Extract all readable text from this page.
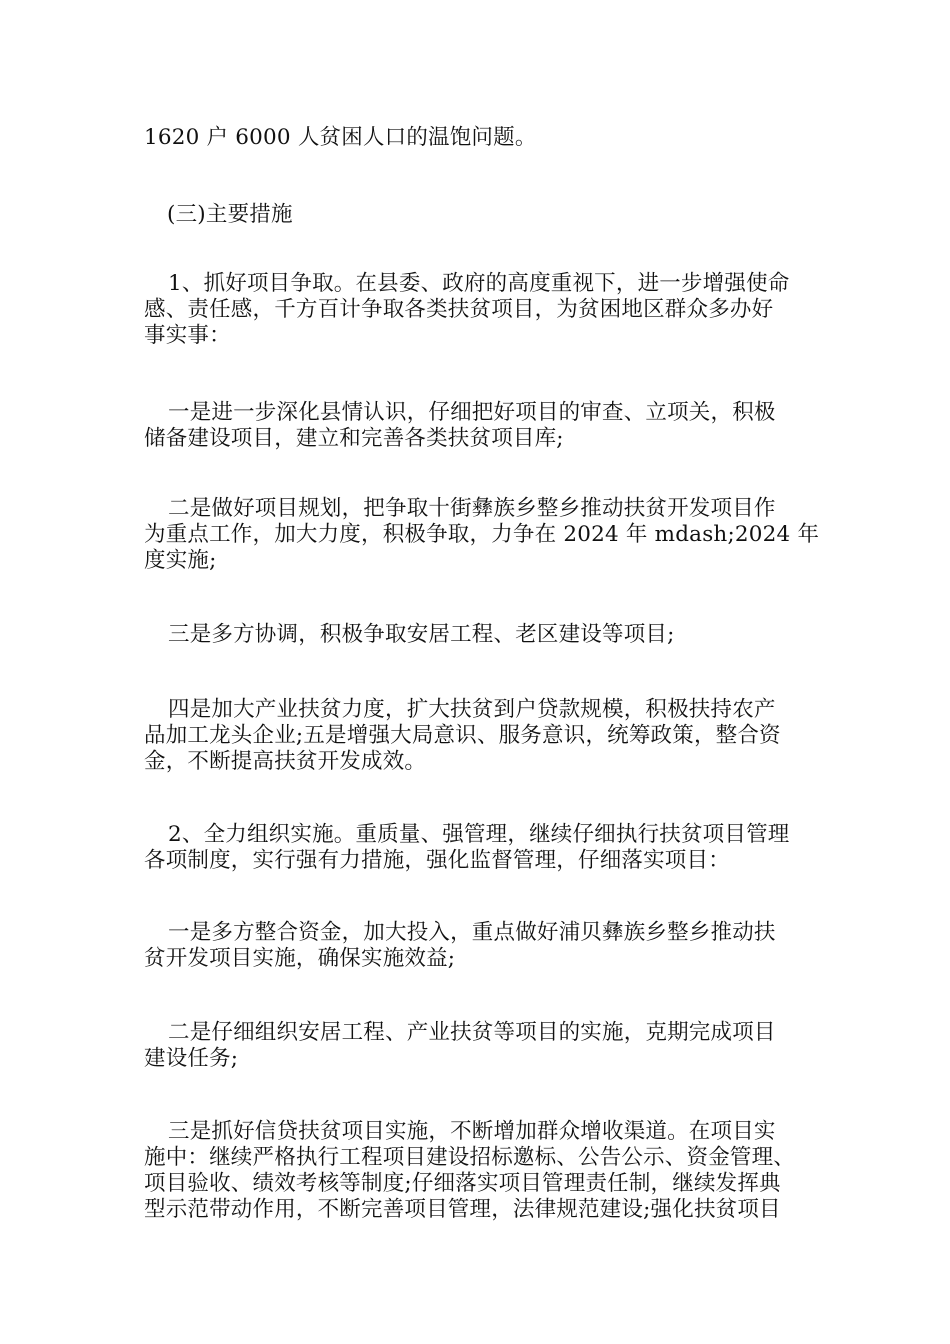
1620 户 6000 人贫困人口的温饱问题。

(三)主要措施

1、抓好项目争取。在县委、政府的高度重视下，进一步增强使命
感、责任感，千方百计争取各类扶贫项目，为贫困地区群众多办好
事实事：

一是进一步深化县情认识，仔细把好项目的审查、立项关，积极
储备建设项目，建立和完善各类扶贫项目库;

二是做好项目规划，把争取十街彝族乡整乡推动扶贫开发项目作
为重点工作，加大力度，积极争取，力争在 2024 年 mdash;2024 年
度实施;

三是多方协调，积极争取安居工程、老区建设等项目;

四是加大产业扶贫力度，扩大扶贫到户贷款规模，积极扶持农产
品加工龙头企业;五是增强大局意识、服务意识，统筹政策，整合资
金，不断提高扶贫开发成效。

2、全力组织实施。重质量、强管理，继续仔细执行扶贫项目管理
各项制度，实行强有力措施，强化监督管理，仔细落实项目：

一是多方整合资金，加大投入，重点做好浦贝彝族乡整乡推动扶
贫开发项目实施，确保实施效益;

二是仔细组织安居工程、产业扶贫等项目的实施，克期完成项目
建设任务;

三是抓好信贷扶贫项目实施，不断增加群众增收渠道。在项目实
施中：继续严格执行工程项目建设招标邀标、公告公示、资金管理、
项目验收、绩效考核等制度;仔细落实项目管理责任制，继续发挥典
型示范带动作用，不断完善项目管理，法律规范建设;强化扶贫项目
